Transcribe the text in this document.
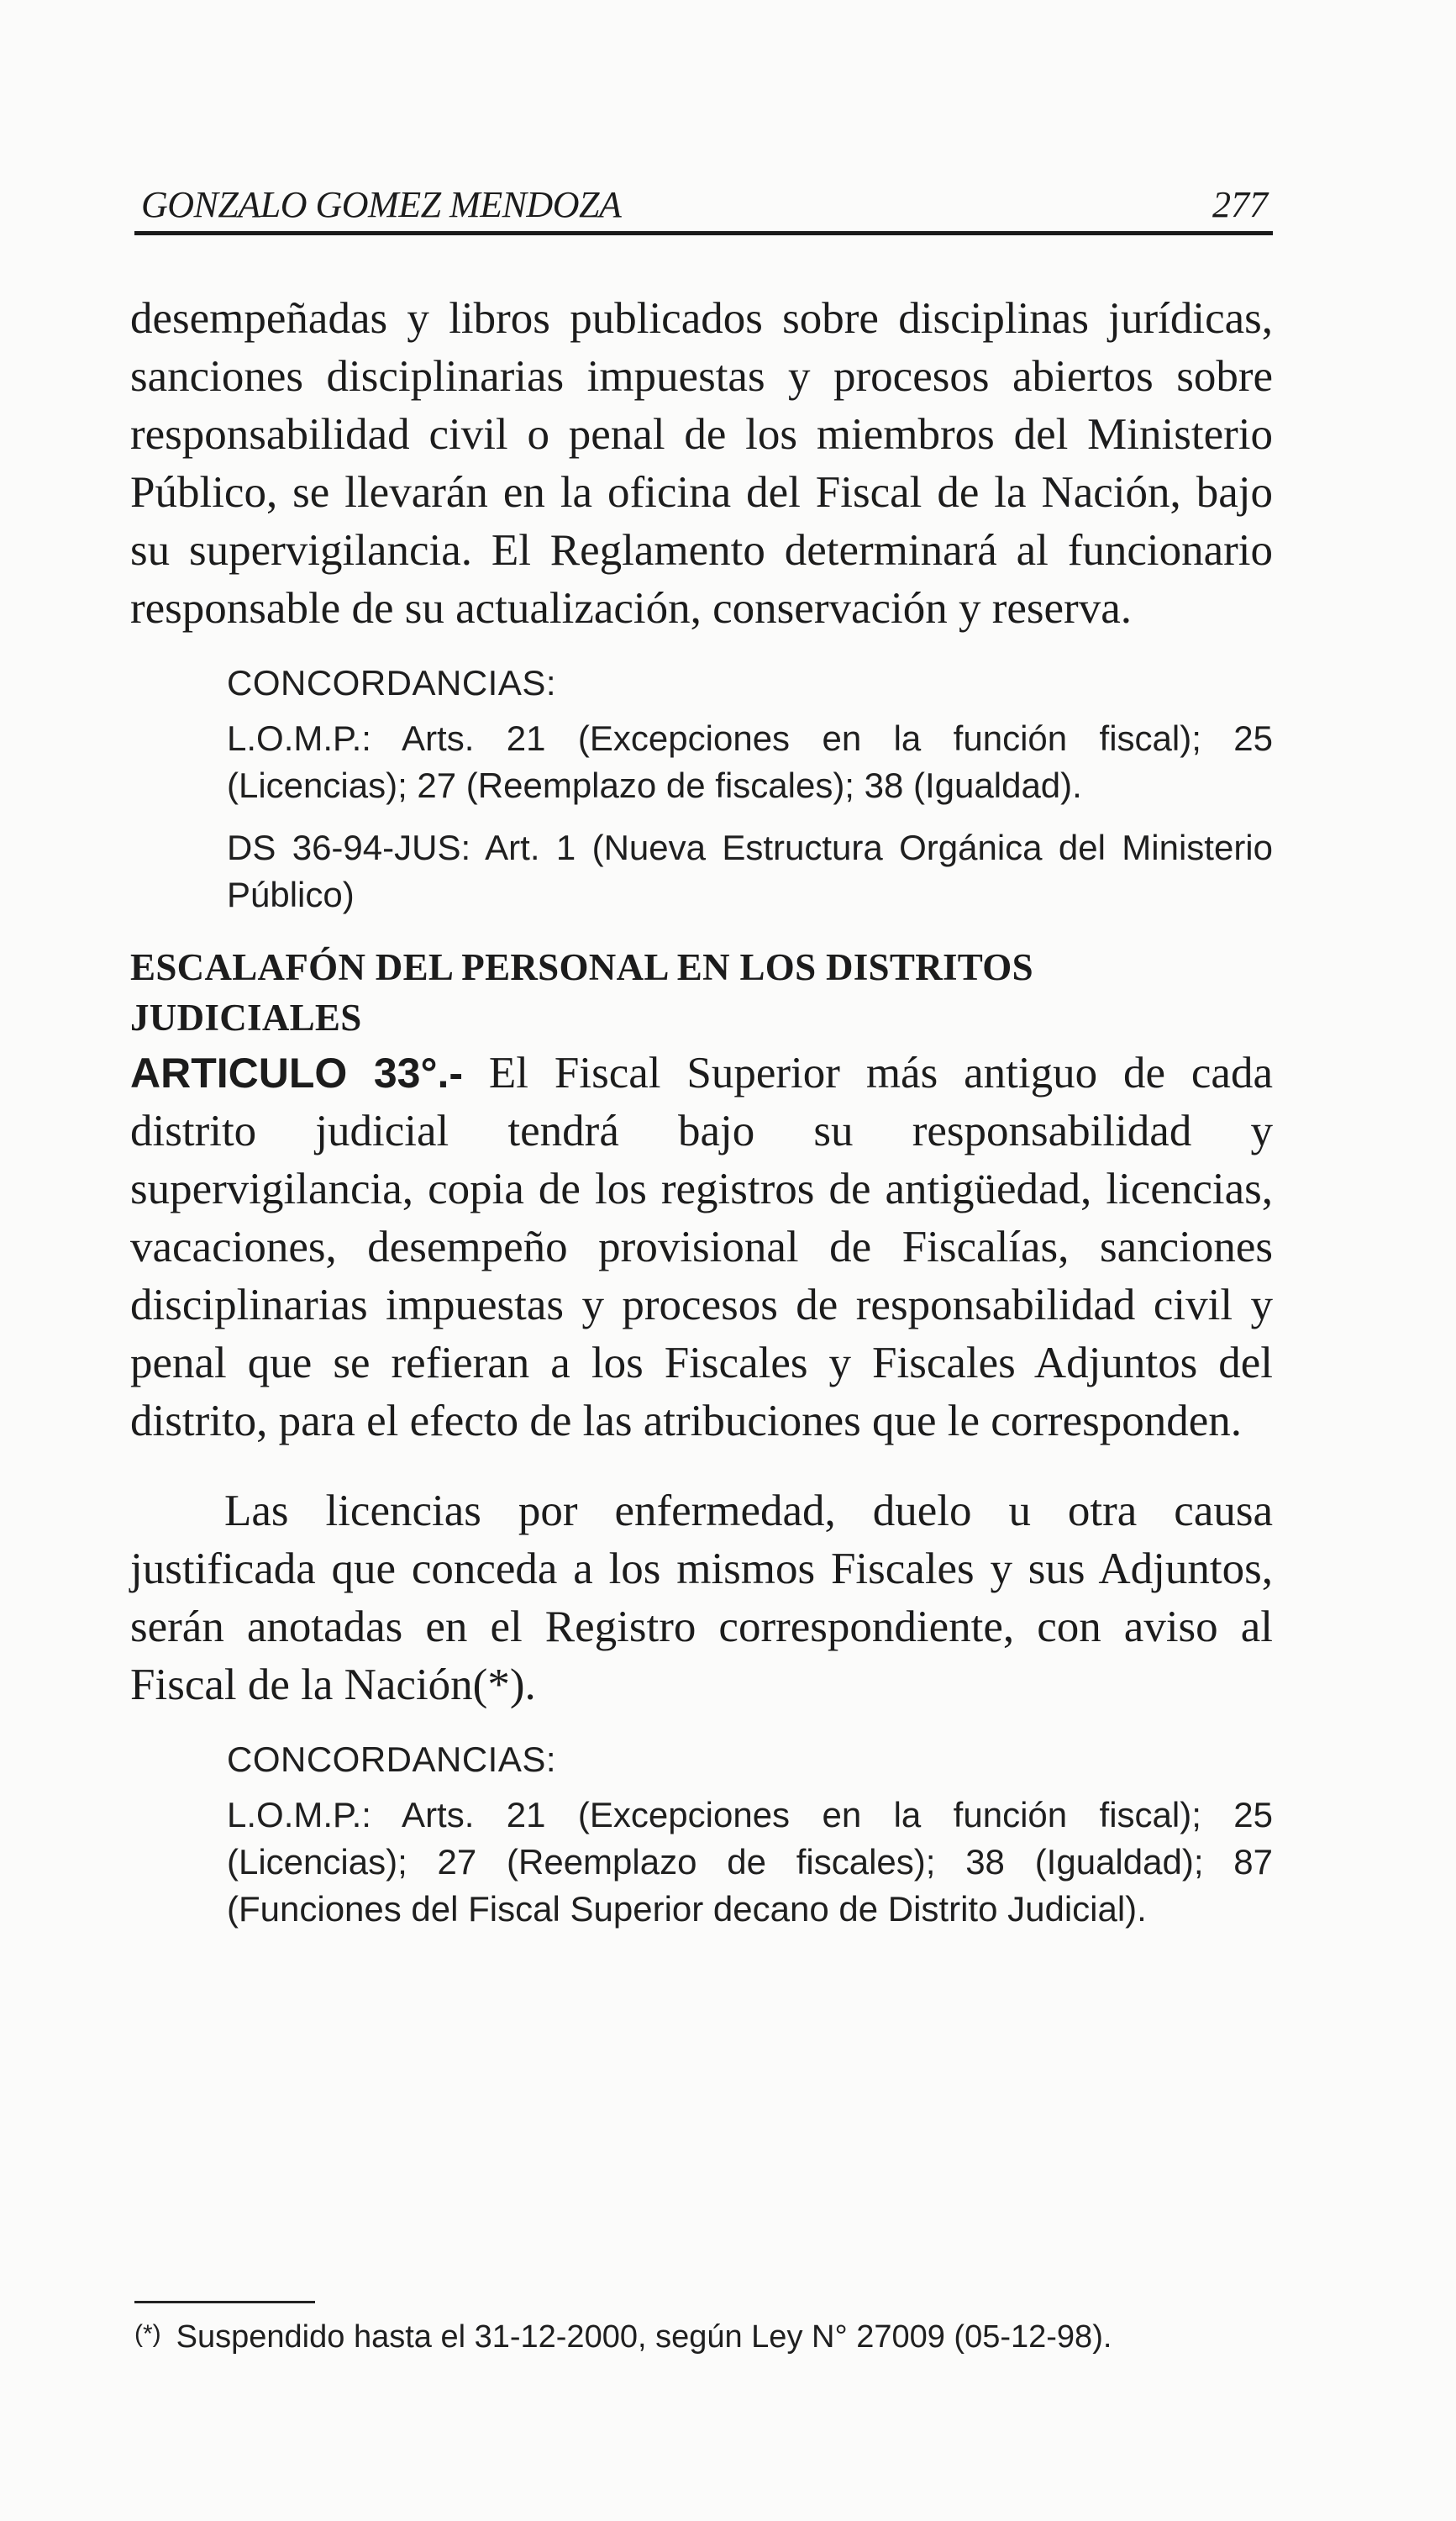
GONZALO GOMEZ MENDOZA	277

desempeñadas y libros publicados sobre disciplinas jurídicas, sanciones disciplinarias impuestas y procesos abiertos sobre responsabilidad civil o penal de los miembros del Ministerio Público, se llevarán en la oficina del Fiscal de la Nación, bajo su supervigilancia. El Reglamento determinará al funcionario responsable de su actualización, conservación y reserva.

CONCORDANCIAS:

L.O.M.P.: Arts. 21 (Excepciones en la función fiscal); 25 (Licencias); 27 (Reemplazo de fiscales); 38 (Igualdad).

DS 36-94-JUS: Art. 1 (Nueva Estructura Orgánica del Ministerio Público)

ESCALAFÓN DEL PERSONAL EN LOS DISTRITOS JUDICIALES

ARTICULO 33°.- El Fiscal Superior más antiguo de cada distrito judicial tendrá bajo su responsabilidad y supervigilancia, copia de los registros de antigüedad, licencias, vacaciones, desempeño provisional de Fiscalías, sanciones disciplinarias impuestas y procesos de responsabilidad civil y penal que se refieran a los Fiscales y Fiscales Adjuntos del distrito, para el efecto de las atribuciones que le corresponden.

Las licencias por enfermedad, duelo u otra causa justificada que conceda a los mismos Fiscales y sus Adjuntos, serán anotadas en el Registro correspondiente, con aviso al Fiscal de la Nación(*).

CONCORDANCIAS:

L.O.M.P.: Arts. 21 (Excepciones en la función fiscal); 25 (Licencias); 27 (Reemplazo de fiscales); 38 (Igualdad); 87 (Funciones del Fiscal Superior decano de Distrito Judicial).

(*) Suspendido hasta el 31-12-2000, según Ley N° 27009 (05-12-98).
